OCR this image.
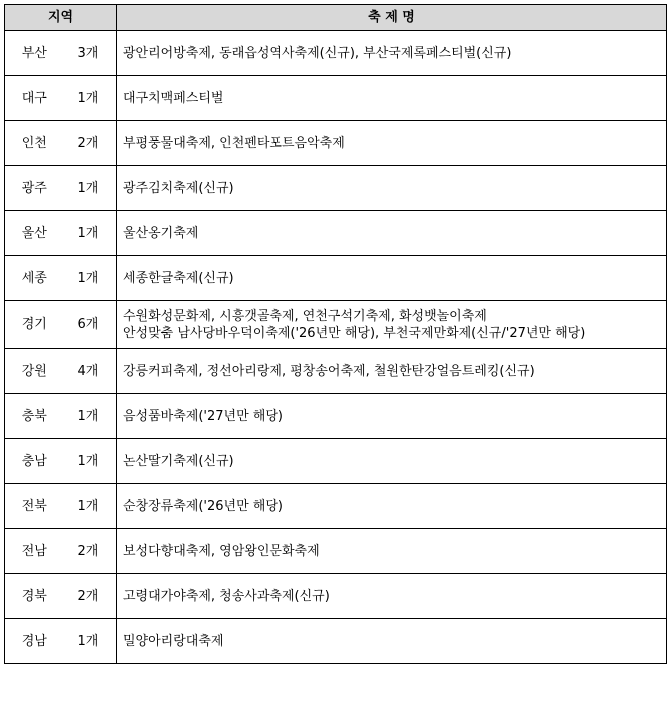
지역		축 제 명
부산	3개	광안리어방축제, 동래읍성역사축제(신규), 부산국제록페스티벌(신규)

대구	1개	대구치맥페스티벌

인천	2개	부평풍물대축제, 인천펜타포트음악축제

광주	1개	광주김치축제(신규)

울산	1개	울산옹기축제

세종	1개	세종한글축제(신규)

경기	6개	수원화성문화제, 시흥갯골축제, 연천구석기축제, 화성뱃놀이축제
안성맞춤 남사당바우덕이축제('26년만 해당), 부천국제만화제(신규/'27년만 해당)

강원	4개	강릉커피축제, 정선아리랑제, 평창송어축제, 철원한탄강얼음트레킹(신규)

충북	1개	음성품바축제('27년만 해당)

충남	1개	논산딸기축제(신규)

전북	1개	순창장류축제('26년만 해당)

전남	2개	보성다향대축제, 영암왕인문화축제

경북	2개	고령대가야축제, 청송사과축제(신규)

경남	1개	밀양아리랑대축제
